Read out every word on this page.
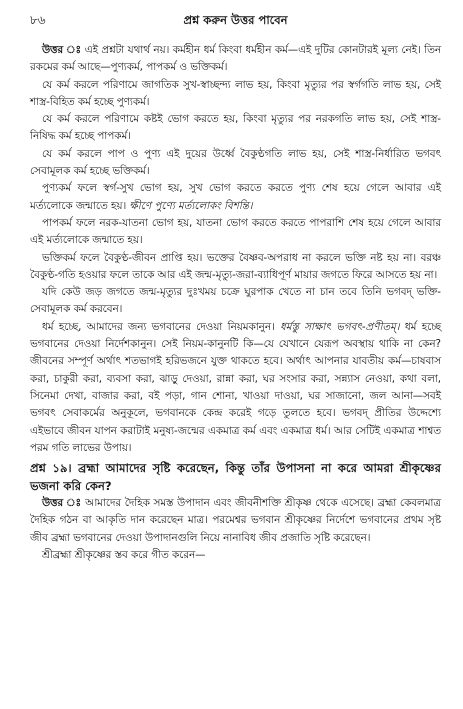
৮৬	প্রশ্ন করুন উত্তর পাবেন

উত্তর ঃ এই প্রশ্নটা যথার্থ নয়। কর্মহীন ধর্ম কিংবা ধর্মহীন কর্ম—এই দুটির কোনটারই মূল্য নেই। তিন রকমের কর্ম আছে—পুণ্যকর্ম, পাপকর্ম ও ভক্তিকর্ম।

যে কর্ম করলে পরিণামে জাগতিক সুখ-স্বাচ্ছন্দ্য লাভ হয়, কিংবা মৃত্যুর পর স্বর্গগতি লাভ হয়, সেই শাস্ত্র-বিহিত কর্ম হচ্ছে পুণ্যকর্ম।

যে কর্ম করলে পরিণামে কষ্টই ভোগ করতে হয়, কিংবা মৃত্যুর পর নরকগতি লাভ হয়, সেই শাস্ত্র-নিষিদ্ধ কর্ম হচ্ছে পাপকর্ম।

যে কর্ম করলে পাপ ও পুণ্য এই দুয়ের উর্ধ্বে বৈকুণ্ঠগতি লাভ হয়, সেই শাস্ত্র-নির্ধারিত ভগবৎ সেবামূলক কর্ম হচ্ছে ভক্তিকর্ম।

পুণ্যকর্ম ফলে স্বর্গ-সুখ ভোগ হয়, সুখ ভোগ করতে করতে পুণ্য শেষ হয়ে গেলে আবার এই মর্ত্যলোকে জন্মাতে হয়। ক্ষীণে পুণ্যে মর্ত্যলোকং বিশন্তি।

পাপকর্ম ফলে নরক-যাতনা ভোগ হয়, যাতনা ভোগ করতে করতে পাপরাশি শেষ হয়ে গেলে আবার এই মর্ত্যলোকে জন্মাতে হয়।

ভক্তিকর্ম ফলে বৈকুণ্ঠ-জীবন প্রাপ্তি হয়। ভক্তের বৈষ্ণব-অপরাধ না করলে ভক্তি নষ্ট হয় না। বরঞ্চ বৈকুণ্ঠ-গতি হওয়ার ফলে তাকে আর এই জন্ম-মৃত্যু-জরা-ব্যাধিপূর্ণ মায়ার জগতে ফিরে আসতে হয় না।

যদি কেউ জড় জগতে জন্ম-মৃত্যুর দুঃখময় চক্রে ঘুরপাক খেতে না চান তবে তিনি ভগবদ্ ভক্তি-সেবামূলক কর্ম করবেন।

ধর্ম হচ্ছে, আমাদের জন্য ভগবানের দেওয়া নিয়মকানুন। ধর্মস্তু সাক্ষাৎ ভগবৎ-প্রণীতম্। ধর্ম হচ্ছে ভগবানের দেওয়া নির্দেশকানুন। সেই নিয়ম-কানুনটি কি—যে যেখানে যেরূপ অবস্থায় থাকি না কেন? জীবনের সম্পূর্ণ অর্থাৎ শতভাগই হরিভজনে যুক্ত থাকতে হবে। অর্থাৎ আপনার যাবতীয় কর্ম—চাষবাস করা, চাকুরী করা, ব্যবসা করা, ঝাড়ু দেওয়া, রান্না করা, ঘর সংসার করা, সন্ন্যাস নেওয়া, কথা বলা, সিনেমা দেখা, বাজার করা, বই পড়া, গান শোনা, খাওয়া দাওয়া, ঘর সাজানো, জল আনা—সবই ভগবৎ সেবাকর্মের অনুকূলে, ভগবানকে কেন্দ্র করেই গড়ে তুলতে হবে। ভগবদ্ প্রীতির উদ্দেশ্যে এইভাবে জীবন যাপন করাটাই মনুষ্য-জন্মের একমাত্র কর্ম এবং একমাত্র ধর্ম। আর সেটিই একমাত্র শাশ্বত পরম গতি লাভের উপায়।

প্রশ্ন ১৯। ব্রহ্মা আমাদের সৃষ্টি করেছেন, কিন্তু তাঁর উপাসনা না করে আমরা শ্রীকৃষ্ণের ভজনা করি কেন?

উত্তর ঃ আমাদের দৈহিক সমস্ত উপাদান এবং জীবনীশক্তি শ্রীকৃষ্ণ থেকে এসেছে। ব্রহ্মা কেবলমাত্র দৈহিক গঠন বা আকৃতি দান করেছেন মাত্র। পরমেশ্বর ভগবান শ্রীকৃষ্ণের নির্দেশে ভগবানের প্রথম সৃষ্ট জীব ব্রহ্মা ভগবানের দেওয়া উপাদানগুলি নিয়ে নানাবিধ জীব প্রজাতি সৃষ্টি করেছেন।

শ্রীব্রহ্মা শ্রীকৃষ্ণের স্তব করে গীত করেন—
